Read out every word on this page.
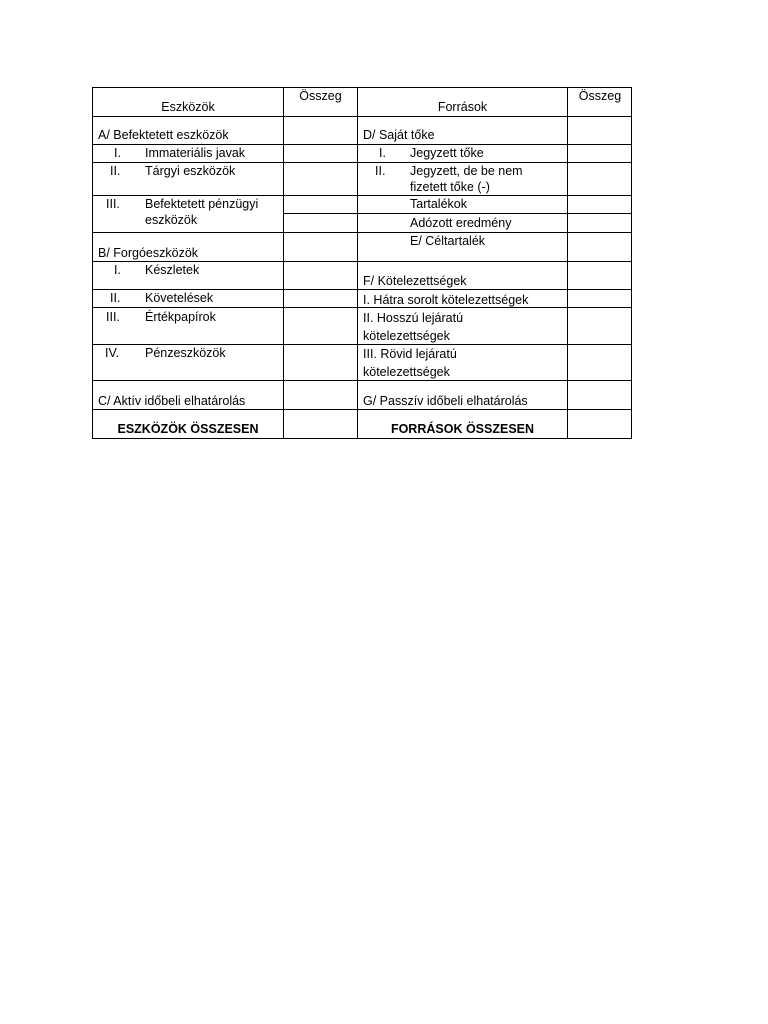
Eszközök
Összeg
Források
Összeg
A/ Befektetett eszközök
I. Immateriális javak
II. Tárgyi eszközök
III. Befektetett pénzügyi
eszközök
B/ Forgóeszközök
I. Készletek
II. Követelések
III. Értékpapírok
IV. Pénzeszközök
C/ Aktív időbeli elhatárolás
ESZKÖZÖK ÖSSZESEN
D/ Saját tőke
I. Jegyzett tőke
II. Jegyzett, de be nem
fizetett tőke (-)
Tartalékok
Adózott eredmény
E/ Céltartalék
F/ Kötelezettségek
I. Hátra sorolt kötelezettségek
II. Hosszú lejáratú
kötelezettségek
III. Rövid lejáratú
kötelezettségek
G/ Passzív időbeli elhatárolás
FORRÁSOK ÖSSZESEN
